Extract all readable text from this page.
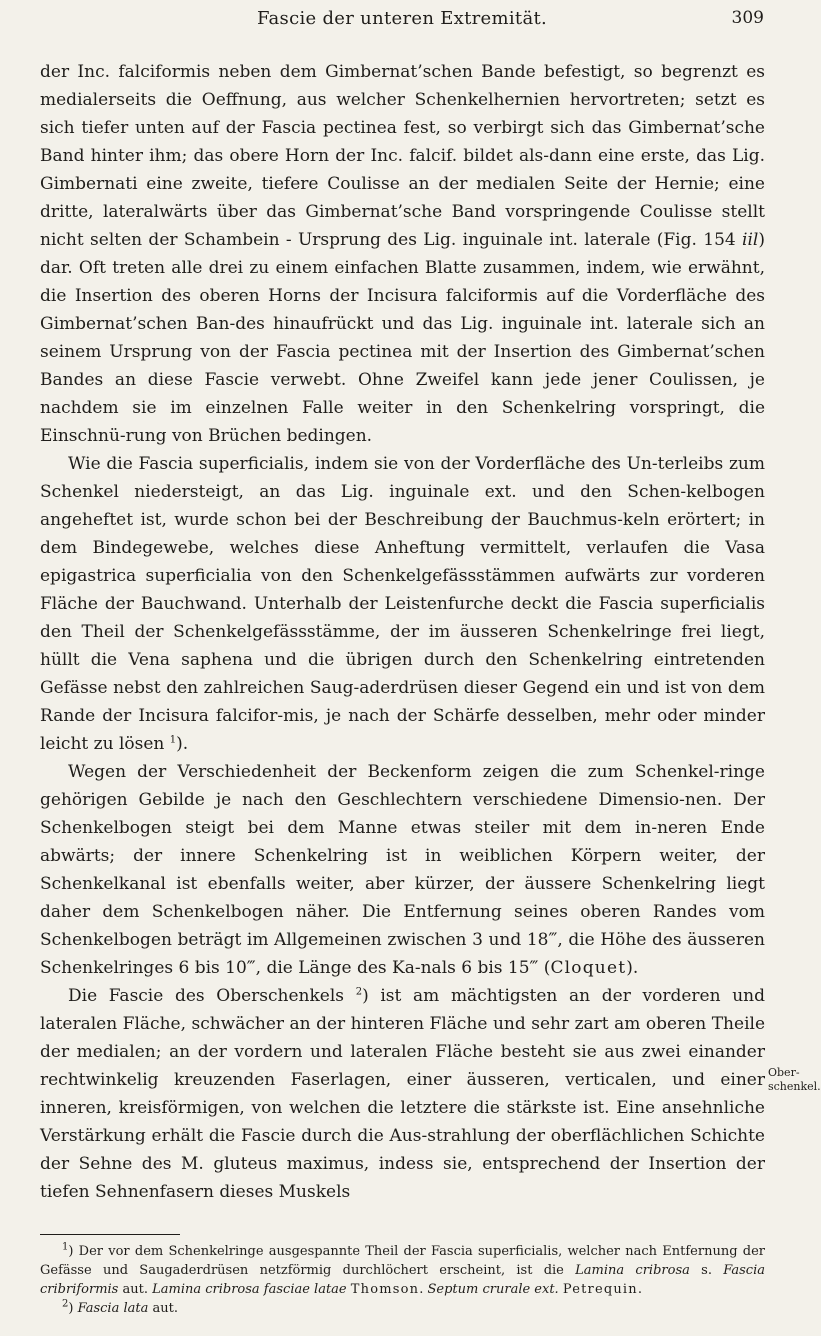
Fascie der unteren Extremität.	309

der Inc. falciformis neben dem Gimbernat’schen Bande befestigt, so begrenzt es medialerseits die Oeffnung, aus welcher Schenkelhernien hervortreten; setzt es sich tiefer unten auf der Fascia pectinea fest, so verbirgt sich das Gimbernat’sche Band hinter ihm; das obere Horn der Inc. falcif. bildet als-dann eine erste, das Lig. Gimbernati eine zweite, tiefere Coulisse an der medialen Seite der Hernie; eine dritte, lateralwärts über das Gimbernat’sche Band vorspringende Coulisse stellt nicht selten der Schambein - Ursprung des Lig. inguinale int. laterale (Fig. 154 iil) dar. Oft treten alle drei zu einem einfachen Blatte zusammen, indem, wie erwähnt, die Insertion des oberen Horns der Incisura falciformis auf die Vorderfläche des Gimbernat’schen Ban-des hinaufrückt und das Lig. inguinale int. laterale sich an seinem Ursprung von der Fascia pectinea mit der Insertion des Gimbernat’schen Bandes an diese Fascie verwebt. Ohne Zweifel kann jede jener Coulissen, je nachdem sie im einzelnen Falle weiter in den Schenkelring vorspringt, die Einschnü-rung von Brüchen bedingen.

Wie die Fascia superficialis, indem sie von der Vorderfläche des Un-terleibs zum Schenkel niedersteigt, an das Lig. inguinale ext. und den Schen-kelbogen angeheftet ist, wurde schon bei der Beschreibung der Bauchmus-keln erörtert; in dem Bindegewebe, welches diese Anheftung vermittelt, verlaufen die Vasa epigastrica superficialia von den Schenkelgefässstämmen aufwärts zur vorderen Fläche der Bauchwand. Unterhalb der Leistenfurche deckt die Fascia superficialis den Theil der Schenkelgefässstämme, der im äusseren Schenkelringe frei liegt, hüllt die Vena saphena und die übrigen durch den Schenkelring eintretenden Gefässe nebst den zahlreichen Saug-aderdrüsen dieser Gegend ein und ist von dem Rande der Incisura falcifor-mis, je nach der Schärfe desselben, mehr oder minder leicht zu lösen $^1$).

Wegen der Verschiedenheit der Beckenform zeigen die zum Schenkel-ringe gehörigen Gebilde je nach den Geschlechtern verschiedene Dimensio-nen. Der Schenkelbogen steigt bei dem Manne etwas steiler mit dem in-neren Ende abwärts; der innere Schenkelring ist in weiblichen Körpern weiter, der Schenkelkanal ist ebenfalls weiter, aber kürzer, der äussere Schenkelring liegt daher dem Schenkelbogen näher. Die Entfernung seines oberen Randes vom Schenkelbogen beträgt im Allgemeinen zwischen 3 und 18‴, die Höhe des äusseren Schenkelringes 6 bis 10‴, die Länge des Ka-nals 6 bis 15‴ (Cloquet).

Die Fascie des Oberschenkels $^2$) ist am mächtigsten an der vorderen und lateralen Fläche, schwächer an der hinteren Fläche und sehr zart am oberen Theile der medialen; an der vordern und lateralen Fläche besteht sie aus zwei einander rechtwinkelig kreuzenden Faserlagen, einer äusseren, verticalen, und einer inneren, kreisförmigen, von welchen die letztere die stärkste ist. Eine ansehnliche Verstärkung erhält die Fascie durch die Aus-strahlung der oberflächlichen Schichte der Sehne des M. gluteus maximus, indess sie, entsprechend der Insertion der tiefen Sehnenfasern dieses Muskels

Ober-schenkel.

$^1$) Der vor dem Schenkelringe ausgespannte Theil der Fascia superficialis, welcher nach Entfernung der Gefässe und Saugaderdrüsen netzförmig durchlöchert erscheint, ist die Lamina cribrosa s. Fascia cribriformis aut. Lamina cribrosa fasciae latae Thomson. Septum crurale ext. Petrequin.

$^2$) Fascia lata aut.
